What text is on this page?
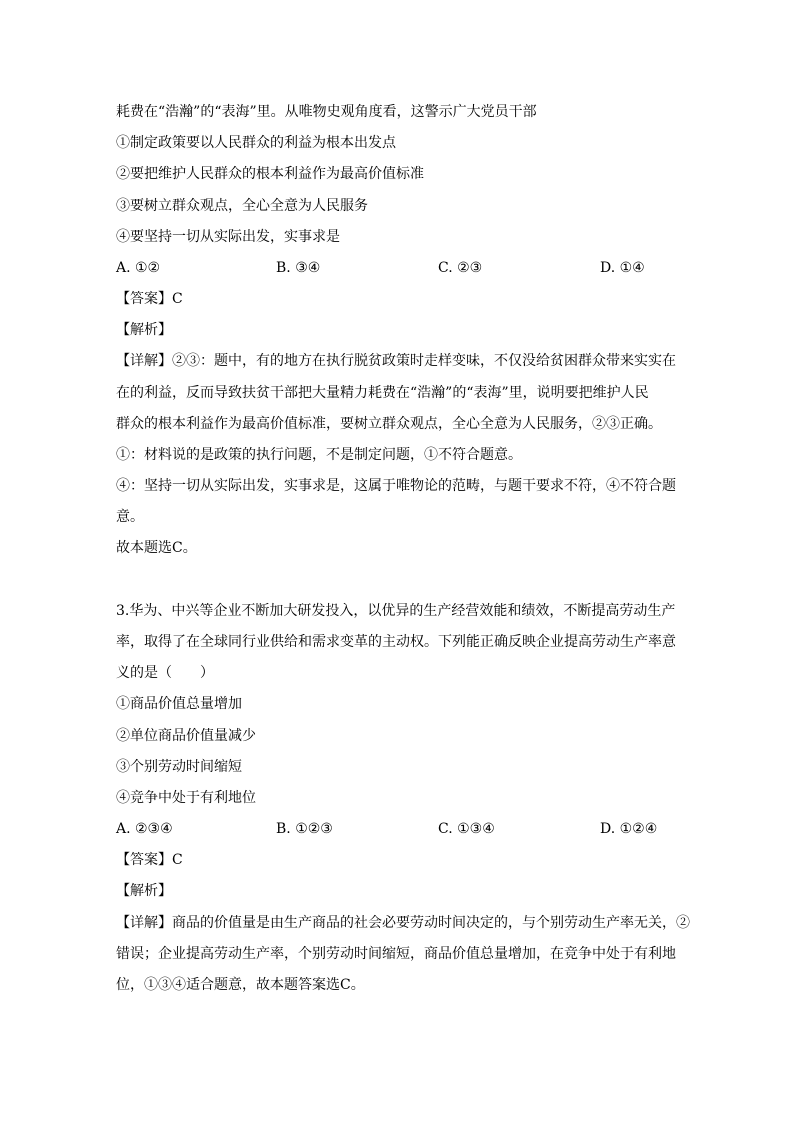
耗费在“浩瀚”的“表海”里。从唯物史观角度看，这警示广大党员干部
①制定政策要以人民群众的利益为根本出发点
②要把维护人民群众的根本利益作为最高价值标准
③要树立群众观点，全心全意为人民服务
④要坚持一切从实际出发，实事求是
A. ①②	B. ③④	C. ②③	D. ①④
【答案】C
【解析】
【详解】②③：题中，有的地方在执行脱贫政策时走样变味，不仅没给贫困群众带来实实在
在的利益，反而导致扶贫干部把大量精力耗费在“浩瀚”的“表海”里，说明要把维护人民
群众的根本利益作为最高价值标准，要树立群众观点，全心全意为人民服务，②③正确。
①：材料说的是政策的执行问题，不是制定问题，①不符合题意。
④：坚持一切从实际出发，实事求是，这属于唯物论的范畴，与题干要求不符，④不符合题
意。
故本题选C。
3.华为、中兴等企业不断加大研发投入，以优异的生产经营效能和绩效，不断提高劳动生产
率，取得了在全球同行业供给和需求变革的主动权。下列能正确反映企业提高劳动生产率意
义的是（　　）
①商品价值总量增加
②单位商品价值量减少
③个别劳动时间缩短
④竞争中处于有利地位
A. ②③④	B. ①②③	C. ①③④	D. ①②④
【答案】C
【解析】
【详解】商品的价值量是由生产商品的社会必要劳动时间决定的，与个别劳动生产率无关，②
错误；企业提高劳动生产率，个别劳动时间缩短，商品价值总量增加，在竞争中处于有利地
位，①③④适合题意，故本题答案选C。
